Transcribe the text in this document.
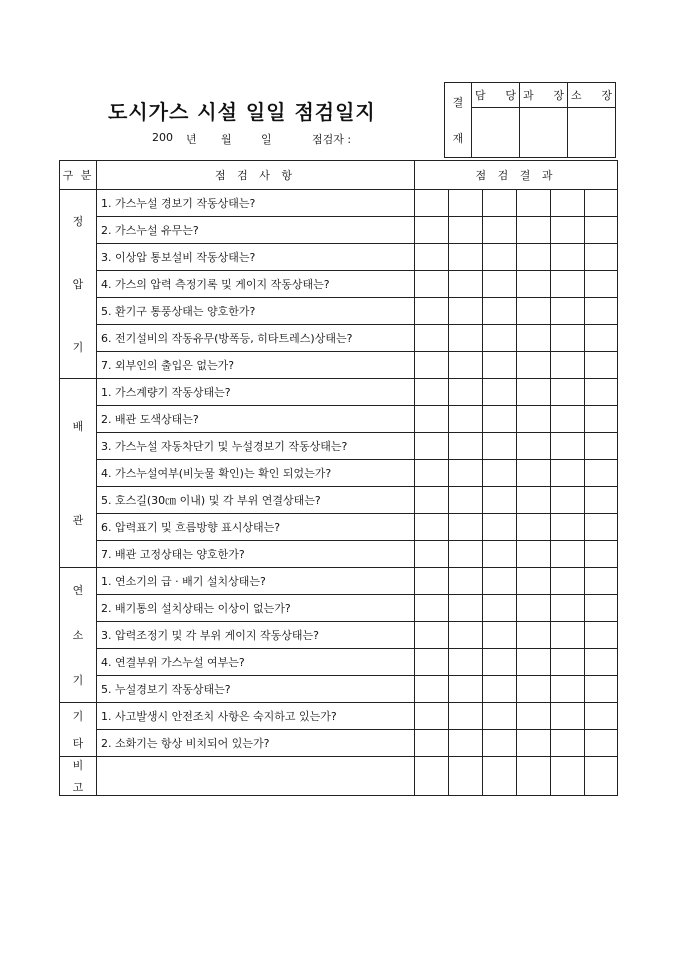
도시가스 시설 일일 점검일지
200 년 월	일	점검자 :
결
재	담 당	과 장	소 장

구 분	점 검 사 항	점 검 결 과					

정
압
기	1. 가스누설 경보기 작동상태는?						
	2. 가스누설 유무는?						
	3. 이상압 통보설비 작동상태는?						
	4. 가스의 압력 측정기록 및 게이지 작동상태는?						
	5. 환기구 통풍상태는 양호한가?						
	6. 전기설비의 작동유무(방폭등, 히타트레스)상태는?						
	7. 외부인의 출입은 없는가?						

배
관	1. 가스계량기 작동상태는?						
	2. 배관 도색상태는?						
	3. 가스누설 자동차단기 및 누설경보기 작동상태는?						
	4. 가스누설여부(비눗물 확인)는 확인 되었는가?						
	5. 호스길(30㎝ 이내) 및 각 부위 연결상태는?						
	6. 압력표기 및 흐름방향 표시상태는?						
	7. 배관 고정상태는 양호한가?						

연
소
기	1. 연소기의 급 · 배기 설치상태는?						
	2. 배기통의 설치상태는 이상이 없는가?						
	3. 압력조정기 및 각 부위 게이지 작동상태는?						
	4. 연결부위 가스누설 여부는?						
	5. 누설경보기 작동상태는?						

기
타	1. 사고발생시 안전조치 사항은 숙지하고 있는가?						
	2. 소화기는 항상 비치되어 있는가?						

비
고							
